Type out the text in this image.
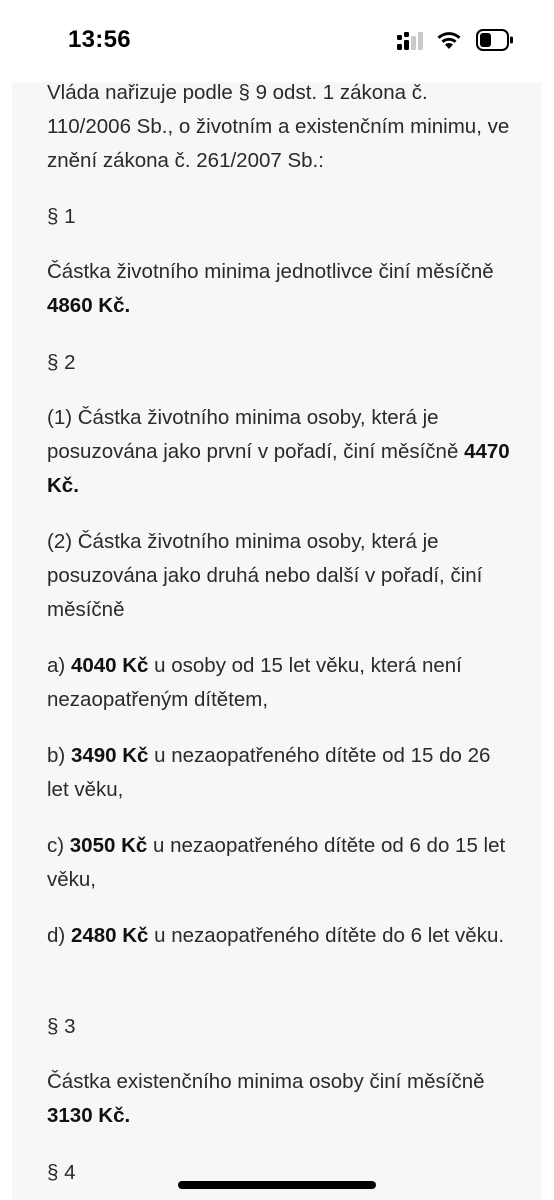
13:56

Vláda nařizuje podle § 9 odst. 1 zákona č. 110/2006 Sb., o životním a existenčním minimu, ve znění zákona č. 261/2007 Sb.:

§ 1

Částka životního minima jednotlivce činí měsíčně 4860 Kč.

§ 2

(1) Částka životního minima osoby, která je posuzována jako první v pořadí, činí měsíčně 4470 Kč.

(2) Částka životního minima osoby, která je posuzována jako druhá nebo další v pořadí, činí měsíčně

a) 4040 Kč u osoby od 15 let věku, která není nezaopatřeným dítětem,

b) 3490 Kč u nezaopatřeného dítěte od 15 do 26 let věku,

c) 3050 Kč u nezaopatřeného dítěte od 6 do 15 let věku,

d) 2480 Kč u nezaopatřeného dítěte do 6 let věku.

§ 3

Částka existenčního minima osoby činí měsíčně 3130 Kč.

§ 4
